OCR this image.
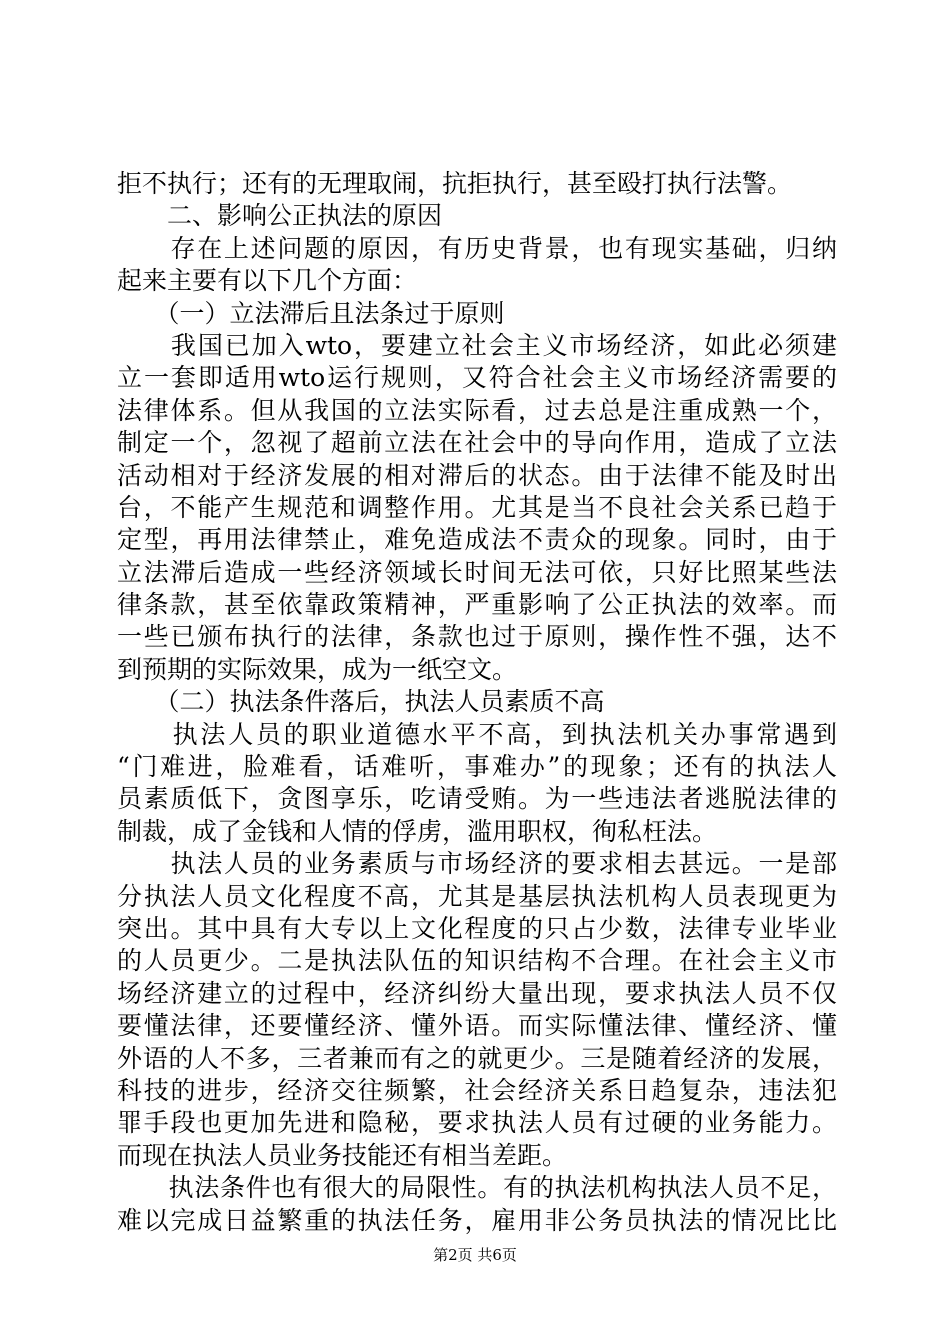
拒不执行；还有的无理取闹，抗拒执行，甚至殴打执行法警。
　　二、影响公正执法的原因
　　存在上述问题的原因，有历史背景，也有现实基础，归纳
起来主要有以下几个方面：
　　（一）立法滞后且法条过于原则
　　我国已加入wto，要建立社会主义市场经济，如此必须建
立一套即适用wto运行规则，又符合社会主义市场经济需要的
法律体系。但从我国的立法实际看，过去总是注重成熟一个，
制定一个，忽视了超前立法在社会中的导向作用，造成了立法
活动相对于经济发展的相对滞后的状态。由于法律不能及时出
台，不能产生规范和调整作用。尤其是当不良社会关系已趋于
定型，再用法律禁止，难免造成法不责众的现象。同时，由于
立法滞后造成一些经济领域长时间无法可依，只好比照某些法
律条款，甚至依靠政策精神，严重影响了公正执法的效率。而
一些已颁布执行的法律，条款也过于原则，操作性不强，达不
到预期的实际效果，成为一纸空文。
　　（二）执法条件落后，执法人员素质不高
　　执法人员的职业道德水平不高，到执法机关办事常遇到
“门难进，脸难看，话难听，事难办”的现象；还有的执法人
员素质低下，贪图享乐，吃请受贿。为一些违法者逃脱法律的
制裁，成了金钱和人情的俘虏，滥用职权，徇私枉法。
　　执法人员的业务素质与市场经济的要求相去甚远。一是部
分执法人员文化程度不高，尤其是基层执法机构人员表现更为
突出。其中具有大专以上文化程度的只占少数，法律专业毕业
的人员更少。二是执法队伍的知识结构不合理。在社会主义市
场经济建立的过程中，经济纠纷大量出现，要求执法人员不仅
要懂法律，还要懂经济、懂外语。而实际懂法律、懂经济、懂
外语的人不多，三者兼而有之的就更少。三是随着经济的发展，
科技的进步，经济交往频繁，社会经济关系日趋复杂，违法犯
罪手段也更加先进和隐秘，要求执法人员有过硬的业务能力。
而现在执法人员业务技能还有相当差距。
　　执法条件也有很大的局限性。有的执法机构执法人员不足，
难以完成日益繁重的执法任务，雇用非公务员执法的情况比比
第2页 共6页
